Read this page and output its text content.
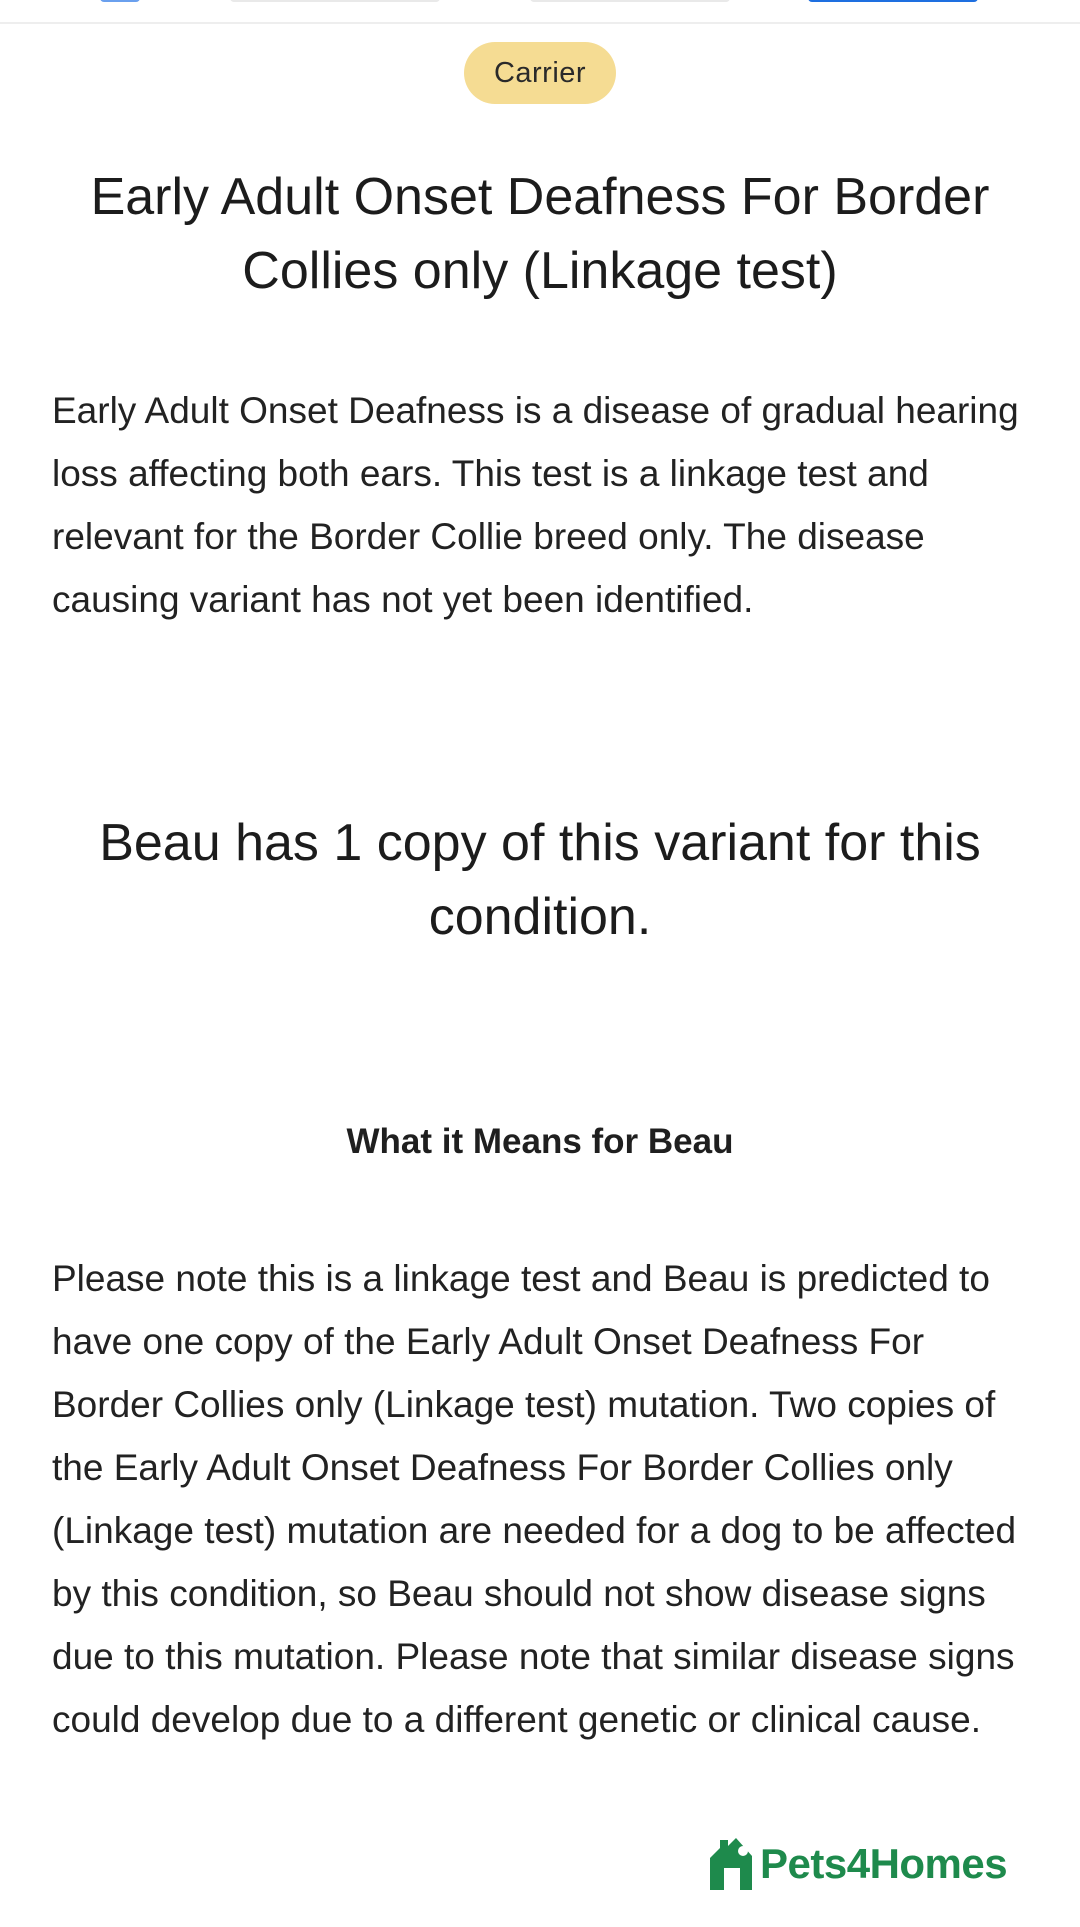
Carrier
Early Adult Onset Deafness For Border Collies only (Linkage test)

Early Adult Onset Deafness is a disease of gradual hearing loss affecting both ears. This test is a linkage test and relevant for the Border Collie breed only. The disease causing variant has not yet been identified.

Beau has 1 copy of this variant for this condition.
What it Means for Beau

Please note this is a linkage test and Beau is predicted to have one copy of the Early Adult Onset Deafness For Border Collies only (Linkage test) mutation. Two copies of the Early Adult Onset Deafness For Border Collies only (Linkage test) mutation are needed for a dog to be affected by this condition, so Beau should not show disease signs due to this mutation. Please note that similar disease signs could develop due to a different genetic or clinical cause.

Pets4Homes
